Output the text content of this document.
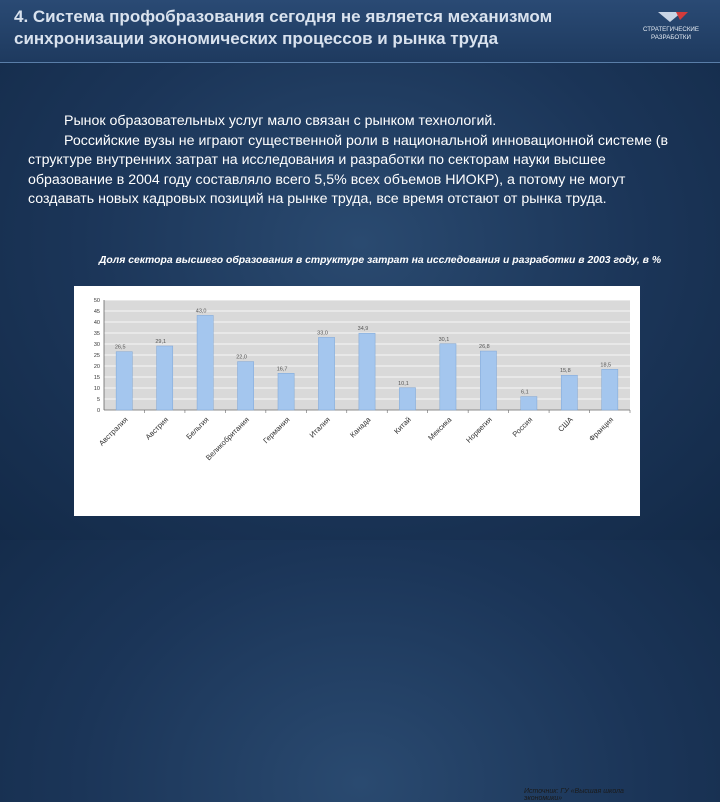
4. Система профобразования сегодня не является механизмом синхронизации экономических процессов и рынка труда	СТРАТЕГИЧЕСКИЕ
РАЗРАБОТКИ

Рынок образовательных услуг мало связан с рынком технологий.

Российские вузы не играют существенной роли в национальной инновационной системе (в структуре внутренних затрат на исследования и разработки по секторам науки высшее образование в 2004 году составляло всего 5,5% всех объемов НИОКР), а потому не могут создавать новых кадровых позиций на рынке труда, все время отстают от рынка труда.

Доля сектора высшего образования в структуре затрат на исследования и разработки в 2003 году, в %
0
5
10
15
20
25
30
35
40
45
50
26,5
Австралия
29,1
Австрия
43,0
Бельгия
22,0
Великобритания
16,7
Германия
33,0
Италия
34,9
Канада
10,1
Китай
30,1
Мексика
26,8
Норвегия
6,1
Россия
15,8
США
18,5
Франция
Источник: ГУ «Высшая школа экономики»
